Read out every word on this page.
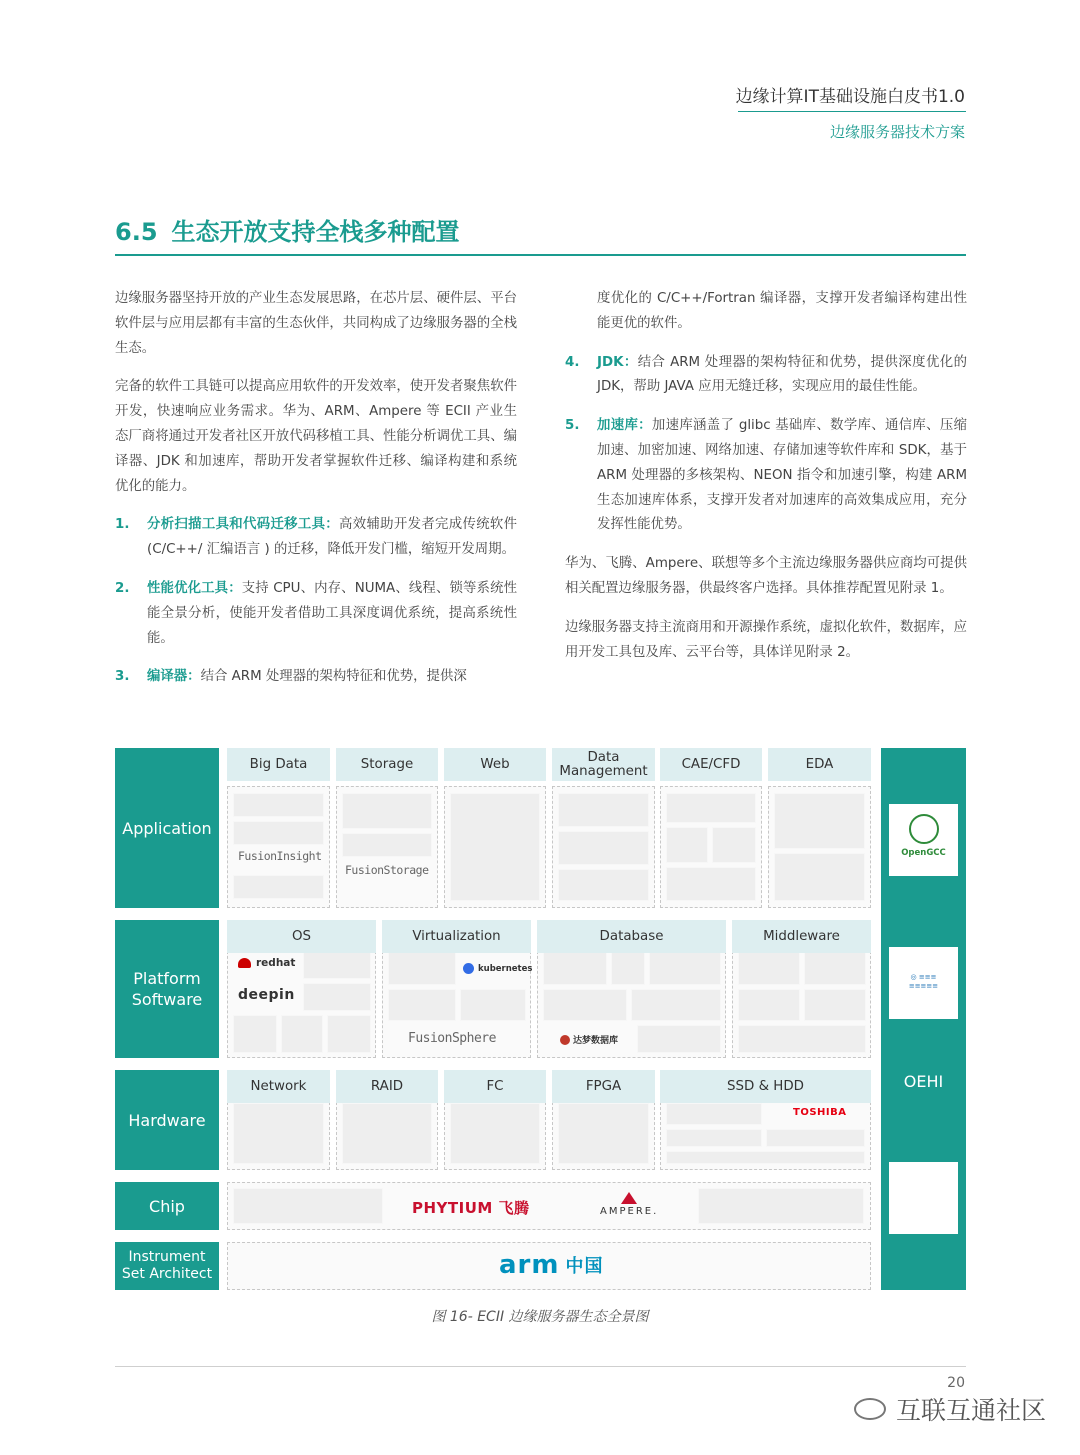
边缘计算IT基础设施白皮书1.0
边缘服务器技术方案
6.5 生态开放支持全栈多种配置

边缘服务器坚持开放的产业生态发展思路，在芯片层、硬件层、平台软件层与应用层都有丰富的生态伙伴，共同构成了边缘服务器的全栈生态。

完备的软件工具链可以提高应用软件的开发效率，使开发者聚焦软件开发，快速响应业务需求。华为、ARM、Ampere 等 ECII 产业生态厂商将通过开发者社区开放代码移植工具、性能分析调优工具、编译器、JDK 和加速库，帮助开发者掌握软件迁移、编译构建和系统优化的能力。

1.	分析扫描工具和代码迁移工具：高效辅助开发者完成传统软件 (C/C++/ 汇编语言 ) 的迁移，降低开发门槛，缩短开发周期。
2.	性能优化工具：支持 CPU、内存、NUMA、线程、锁等系统性能全景分析，使能开发者借助工具深度调优系统，提高系统性能。
3.	编译器：结合 ARM 处理器的架构特征和优势，提供深

度优化的 C/C++/Fortran 编译器，支撑开发者编译构建出性能更优的软件。

4.	JDK：结合 ARM 处理器的架构特征和优势，提供深度优化的 JDK，帮助 JAVA 应用无缝迁移，实现应用的最佳性能。
5.	加速库：加速库涵盖了 glibc 基础库、数学库、通信库、压缩加速、加密加速、网络加速、存储加速等软件库和 SDK，基于 ARM 处理器的多核架构、NEON 指令和加速引擎，构建 ARM 生态加速库体系，支撑开发者对加速库的高效集成应用，充分发挥性能优势。

华为、飞腾、Ampere、联想等多个主流边缘服务器供应商均可提供相关配置边缘服务器，供最终客户选择。具体推荐配置见附录 1。

边缘服务器支持主流商用和开源操作系统，虚拟化软件，数据库，应用开发工具包及库、云平台等，具体详见附录 2。

Application
FusionInsight
FusionStorage
Platform
Software
redhat
deepin
kubernetes
FusionSphere	达梦数据库
Hardware	TOSHIBA
Chip	PHYTIUM 飞腾	AMPERE.
Instrument
Set Architect	arm 中国
OpenGCC
◎ ≡≡≡
≡≡≡≡≡
OEHI
Big Data	Storage	Web	Data Management	CAE/CFD	EDA
OS	Virtualization	Database	Middleware
Network	RAID	FC	FPGA	SSD & HDD
图 16- ECII 边缘服务器生态全景图
20
互联互通社区
